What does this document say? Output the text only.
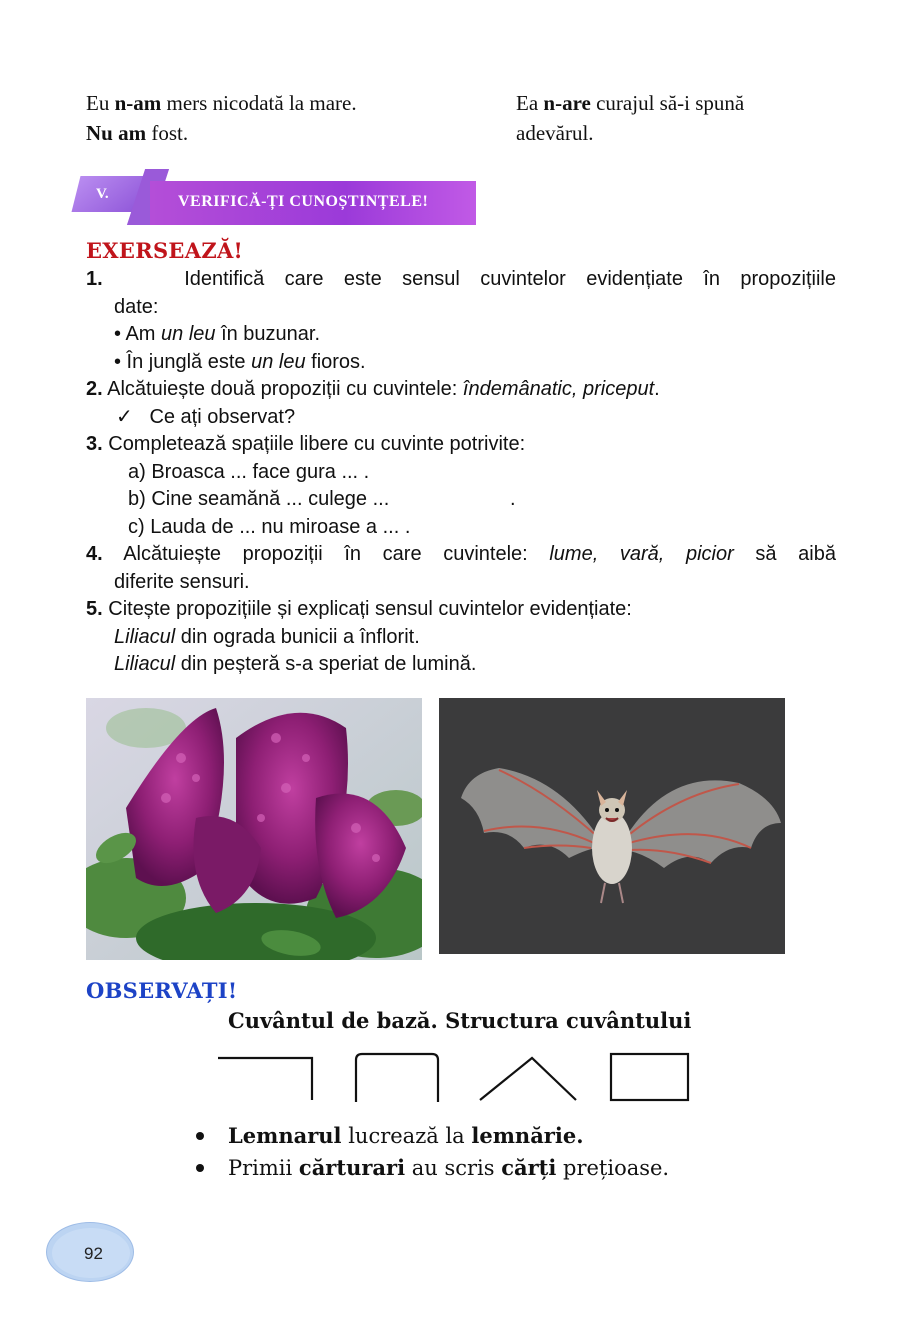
Eu n-am mers nicodată la mare.
Nu am fost.
Ea n-are curajul să-i spună
adevărul.
V.	VERIFICĂ-ȚI CUNOȘTINȚELE!
EXERSEAZĂ!
1.	Identifică care este sensul cuvintelor evidențiate în propozițiile
date:
• Am un leu în buzunar.
• În junglă este un leu fioros.
2. Alcătuiește două propoziții cu cuvintele: îndemânatic, priceput.
✓ Ce ați observat?
3. Completează spațiile libere cu cuvinte potrivite:
a) Broasca ... face gura ... .
b) Cine seamănă ... culege ...	.
c) Lauda de ... nu miroase a ... .
4. Alcătuiește propoziții în care cuvintele: lume, vară, picior să aibă
diferite sensuri.
5. Citește propozițiile și explicați sensul cuvintelor evidențiate:
Liliacul din ograda bunicii a înflorit.
Liliacul din peșteră s-a speriat de lumină.
OBSERVAȚI!
Cuvântul de bază. Structura cuvântului
Lemnarul lucrează la lemnărie.
Primii cărturari au scris cărți prețioase.
92
